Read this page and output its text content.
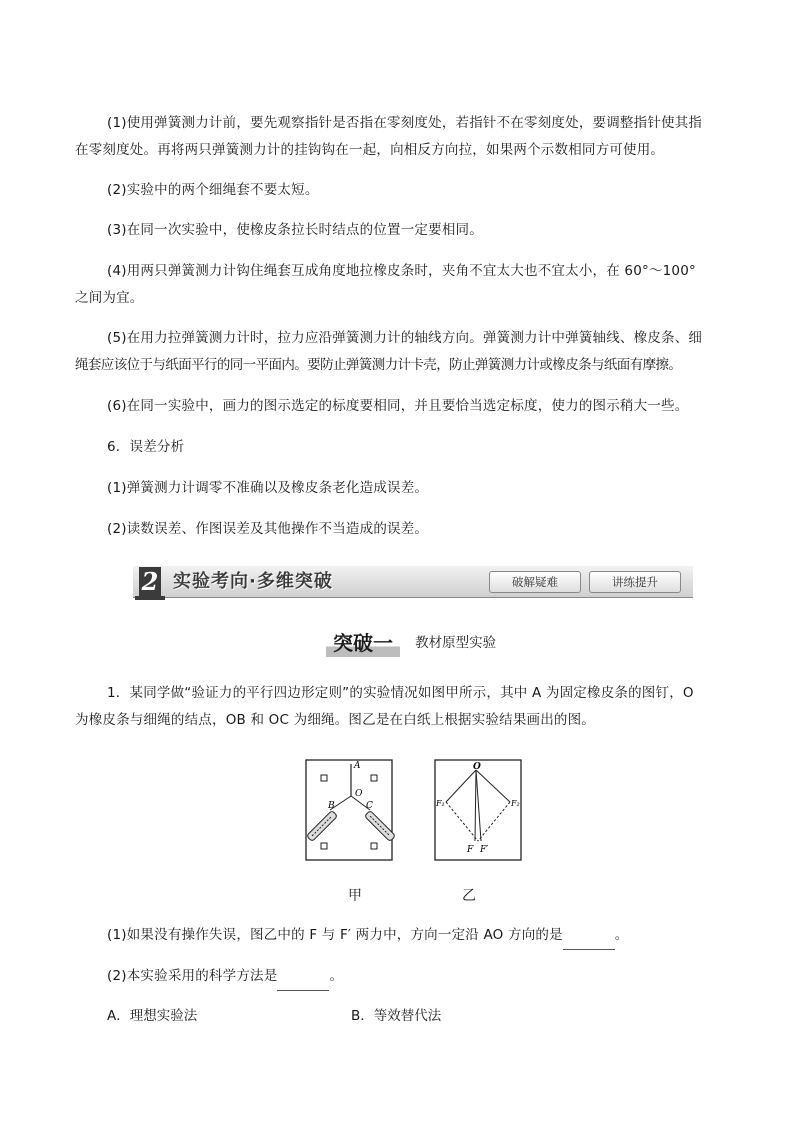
(1)使用弹簧测力计前，要先观察指针是否指在零刻度处，若指针不在零刻度处，要调整指针使其指
在零刻度处。再将两只弹簧测力计的挂钩钩在一起，向相反方向拉，如果两个示数相同方可使用。
(2)实验中的两个细绳套不要太短。
(3)在同一次实验中，使橡皮条拉长时结点的位置一定要相同。
(4)用两只弹簧测力计钩住绳套互成角度地拉橡皮条时，夹角不宜太大也不宜太小，在 60°～100°
之间为宜。
(5)在用力拉弹簧测力计时，拉力应沿弹簧测力计的轴线方向。弹簧测力计中弹簧轴线、橡皮条、细
绳套应该位于与纸面平行的同一平面内。要防止弹簧测力计卡壳，防止弹簧测力计或橡皮条与纸面有摩擦。
(6)在同一实验中，画力的图示选定的标度要相同，并且要恰当选定标度，使力的图示稍大一些。
6．误差分析
(1)弹簧测力计调零不准确以及橡皮条老化造成误差。
(2)读数误差、作图误差及其他操作不当造成的误差。
2 实验考向·多维突破	破解疑难	讲练提升
突破一 教材原型实验
1．某同学做“验证力的平行四边形定则”的实验情况如图甲所示，其中 A 为固定橡皮条的图钉，O
为橡皮条与细绳的结点，OB 和 OC 为细绳。图乙是在白纸上根据实验结果画出的图。
A
O
B	C
O
F₁	F₂
F F′
甲	乙
(1)如果没有操作失误，图乙中的 F 与 F′ 两力中，方向一定沿 AO 方向的是	。
(2)本实验采用的科学方法是	。
A．理想实验法	B．等效替代法
